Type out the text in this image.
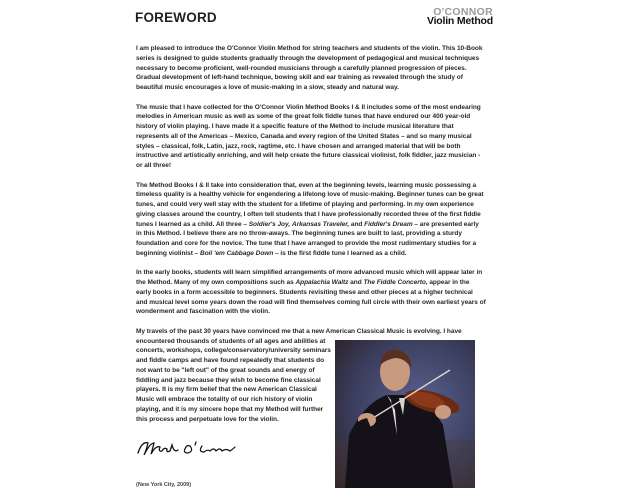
FOREWORD	O'CONNOR
Violin Method

I am pleased to introduce the O'Connor Violin Method for string teachers and students of the violin. This 10-Book series is designed to guide students gradually through the development of pedagogical and musical techniques necessary to become proficient, well-rounded musicians through a carefully planned progression of pieces. Gradual development of left-hand technique, bowing skill and ear training as revealed through the study of beautiful music encourages a love of music-making in a slow, steady and natural way.

The music that I have collected for the O'Connor Violin Method Books I & II includes some of the most endearing melodies in American music as well as some of the great folk fiddle tunes that have endured our 400 year-old history of violin playing. I have made it a specific feature of the Method to include musical literature that represents all of the Americas – Mexico, Canada and every region of the United States – and so many musical styles – classical, folk, Latin, jazz, rock, ragtime, etc. I have chosen and arranged material that will be both instructive and artistically enriching, and will help create the future classical violinist, folk fiddler, jazz musician - or all three!

The Method Books I & II take into consideration that, even at the beginning levels, learning music possessing a timeless quality is a healthy vehicle for engendering a lifelong love of music-making. Beginner tunes can be great tunes, and could very well stay with the student for a lifetime of playing and performing. In my own experience giving classes around the country, I often tell students that I have professionally recorded three of the first fiddle tunes I learned as a child. All three – Soldier's Joy, Arkansas Traveler, and Fiddler's Dream – are presented early in this Method. I believe there are no throw-aways. The beginning tunes are built to last, providing a sturdy foundation and core for the novice. The tune that I have arranged to provide the most rudimentary studies for a beginning violinist – Boil 'em Cabbage Down – is the first fiddle tune I learned as a child.

In the early books, students will learn simplified arrangements of more advanced music which will appear later in the Method. Many of my own compositions such as Appalachia Waltz and The Fiddle Concerto, appear in the early books in a form accessible to beginners. Students revisiting these and other pieces at a higher technical and musical level some years down the road will find themselves coming full circle with their own earliest years of wonderment and fascination with the violin.

My travels of the past 30 years have convinced me that a new American Classical Music is evolving. I have

encountered thousands of students of all ages and abilities at concerts, workshops, college/conservatory/university seminars and fiddle camps and have found repeatedly that students do not want to be "left out" of the great sounds and energy of fiddling and jazz because they wish to become fine classical players. It is my firm belief that the new American Classical Music will embrace the totality of our rich history of violin playing, and it is my sincere hope that my Method will further this process and perpetuate love for the violin.

(New York City, 2009)
